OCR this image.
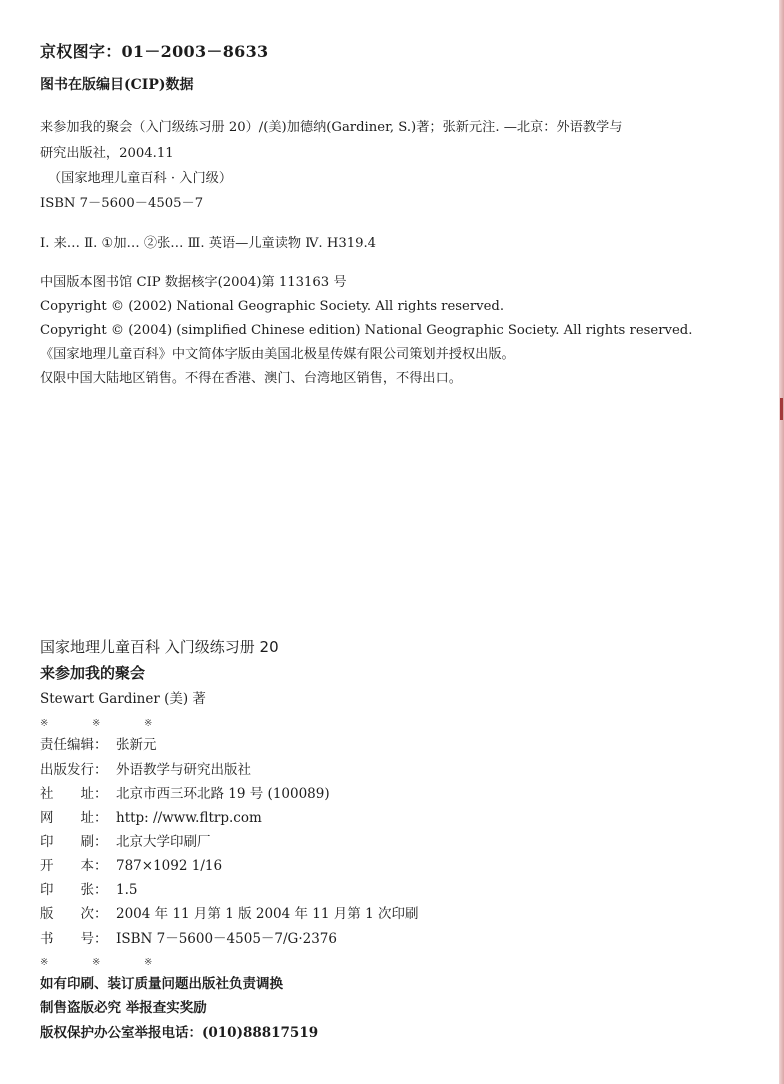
京权图字：01－2003－8633
图书在版编目(CIP)数据
来参加我的聚会（入门级练习册 20）/(美)加德纳(Gardiner, S.)著；张新元注. —北京：外语教学与
研究出版社，2004.11
（国家地理儿童百科 · 入门级）
ISBN 7－5600－4505－7
Ⅰ. 来… Ⅱ. ①加… ②张… Ⅲ. 英语—儿童读物 Ⅳ. H319.4
中国版本图书馆 CIP 数据核字(2004)第 113163 号
Copyright © (2002) National Geographic Society. All rights reserved.
Copyright © (2004) (simplified Chinese edition) National Geographic Society. All rights reserved.
《国家地理儿童百科》中文简体字版由美国北极星传媒有限公司策划并授权出版。
仅限中国大陆地区销售。不得在香港、澳门、台湾地区销售，不得出口。
国家地理儿童百科 入门级练习册 20
来参加我的聚会
Stewart Gardiner (美) 著
※	※	※
责任编辑： 张新元
出版发行： 外语教学与研究出版社
社　　址： 北京市西三环北路 19 号 (100089)
网　　址： http: //www.fltrp.com
印　　刷： 北京大学印刷厂
开　　本： 787×1092 1/16
印　　张： 1.5
版　　次： 2004 年 11 月第 1 版 2004 年 11 月第 1 次印刷
书　　号： ISBN 7－5600－4505－7/G·2376
※	※	※
如有印刷、装订质量问题出版社负责调换
制售盗版必究 举报查实奖励
版权保护办公室举报电话：(010)88817519
